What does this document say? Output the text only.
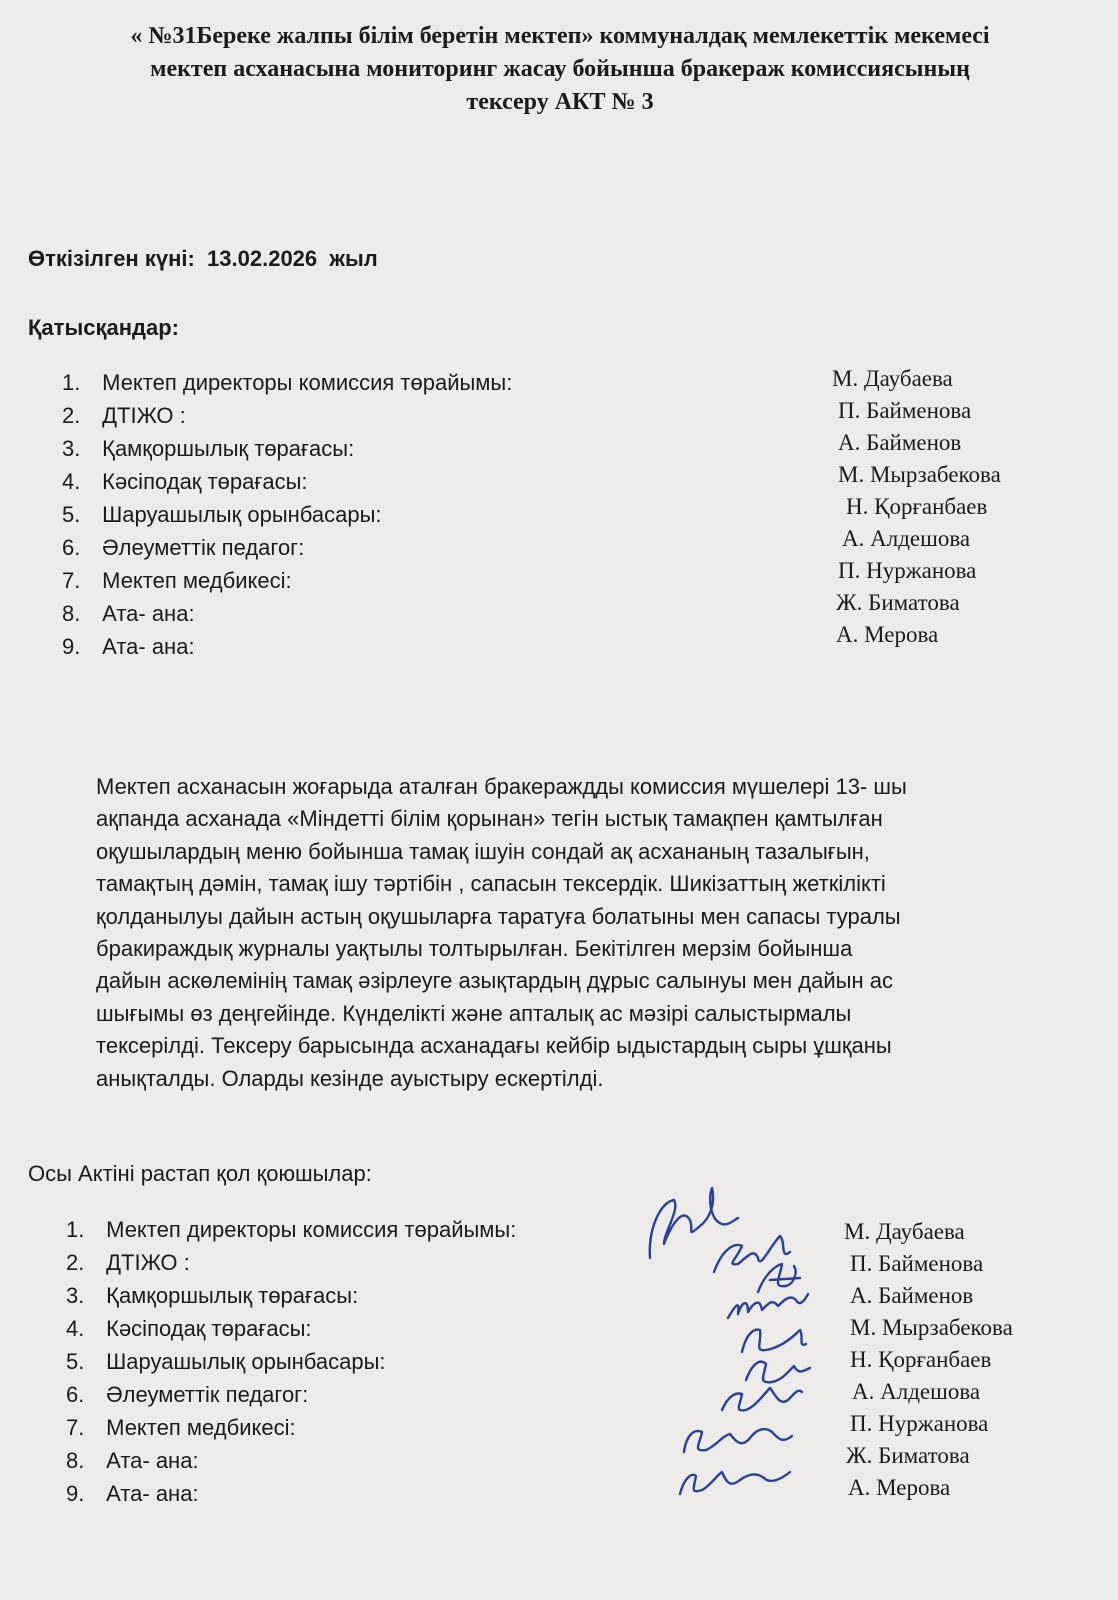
« №31Береке жалпы білім беретін мектеп» коммуналдақ мемлекеттік мекемесі
мектеп асханасына мониторинг жасау бойынша бракераж комиссиясының
тексеру АКТ № 3
Өткізілген күні: 13.02.2026 жыл
Қатысқандар:
1. Мектеп директоры комиссия төрайымы:	М. Даубаева
2. ДТІЖО :	П. Байменова
3. Қамқоршылық төрағасы:	А. Байменов
4. Кәсіподақ төрағасы:	М. Мырзабекова
5. Шаруашылық орынбасары:	Н. Қорғанбаев
6. Әлеуметтік педагог:	А. Алдешова
7. Мектеп медбикесі:	П. Нуржанова
8. Ата- ана:	Ж. Биматова
9. Ата- ана:	А. Мерова
Мектеп асханасын жоғарыда аталған бракераждды комиссия мүшелері 13- шы
ақпанда асханада «Міндетті білім қорынан» тегін ыстық тамақпен қамтылған
оқушылардың меню бойынша тамақ ішуін сондай ақ асхананың тазалығын,
тамақтың дәмін, тамақ ішу тәртібін , сапасын тексердік. Шикізаттың жеткілікті
қолданылуы дайын астың оқушыларға таратуға болатыны мен сапасы туралы
бракираждық журналы уақтылы толтырылған. Бекітілген мерзім бойынша
дайын аскөлемінің тамақ әзірлеуге азықтардың дұрыс салынуы мен дайын ас
шығымы өз деңгейінде. Күнделікті және апталық ас мәзірі салыстырмалы
тексерілді. Тексеру барысында асханадағы кейбір ыдыстардың сыры ұшқаны
анықталды. Оларды кезінде ауыстыру ескертілді.
Осы Актіні растап қол қоюшылар:
1. Мектеп директоры комиссия төрайымы:	М. Даубаева
2. ДТІЖО :	П. Байменова
3. Қамқоршылық төрағасы:	А. Байменов
4. Кәсіподақ төрағасы:	М. Мырзабекова
5. Шаруашылық орынбасары:	Н. Қорғанбаев
6. Әлеуметтік педагог:	А. Алдешова
7. Мектеп медбикесі:	П. Нуржанова
8. Ата- ана:	Ж. Биматова
9. Ата- ана:	А. Мерова
